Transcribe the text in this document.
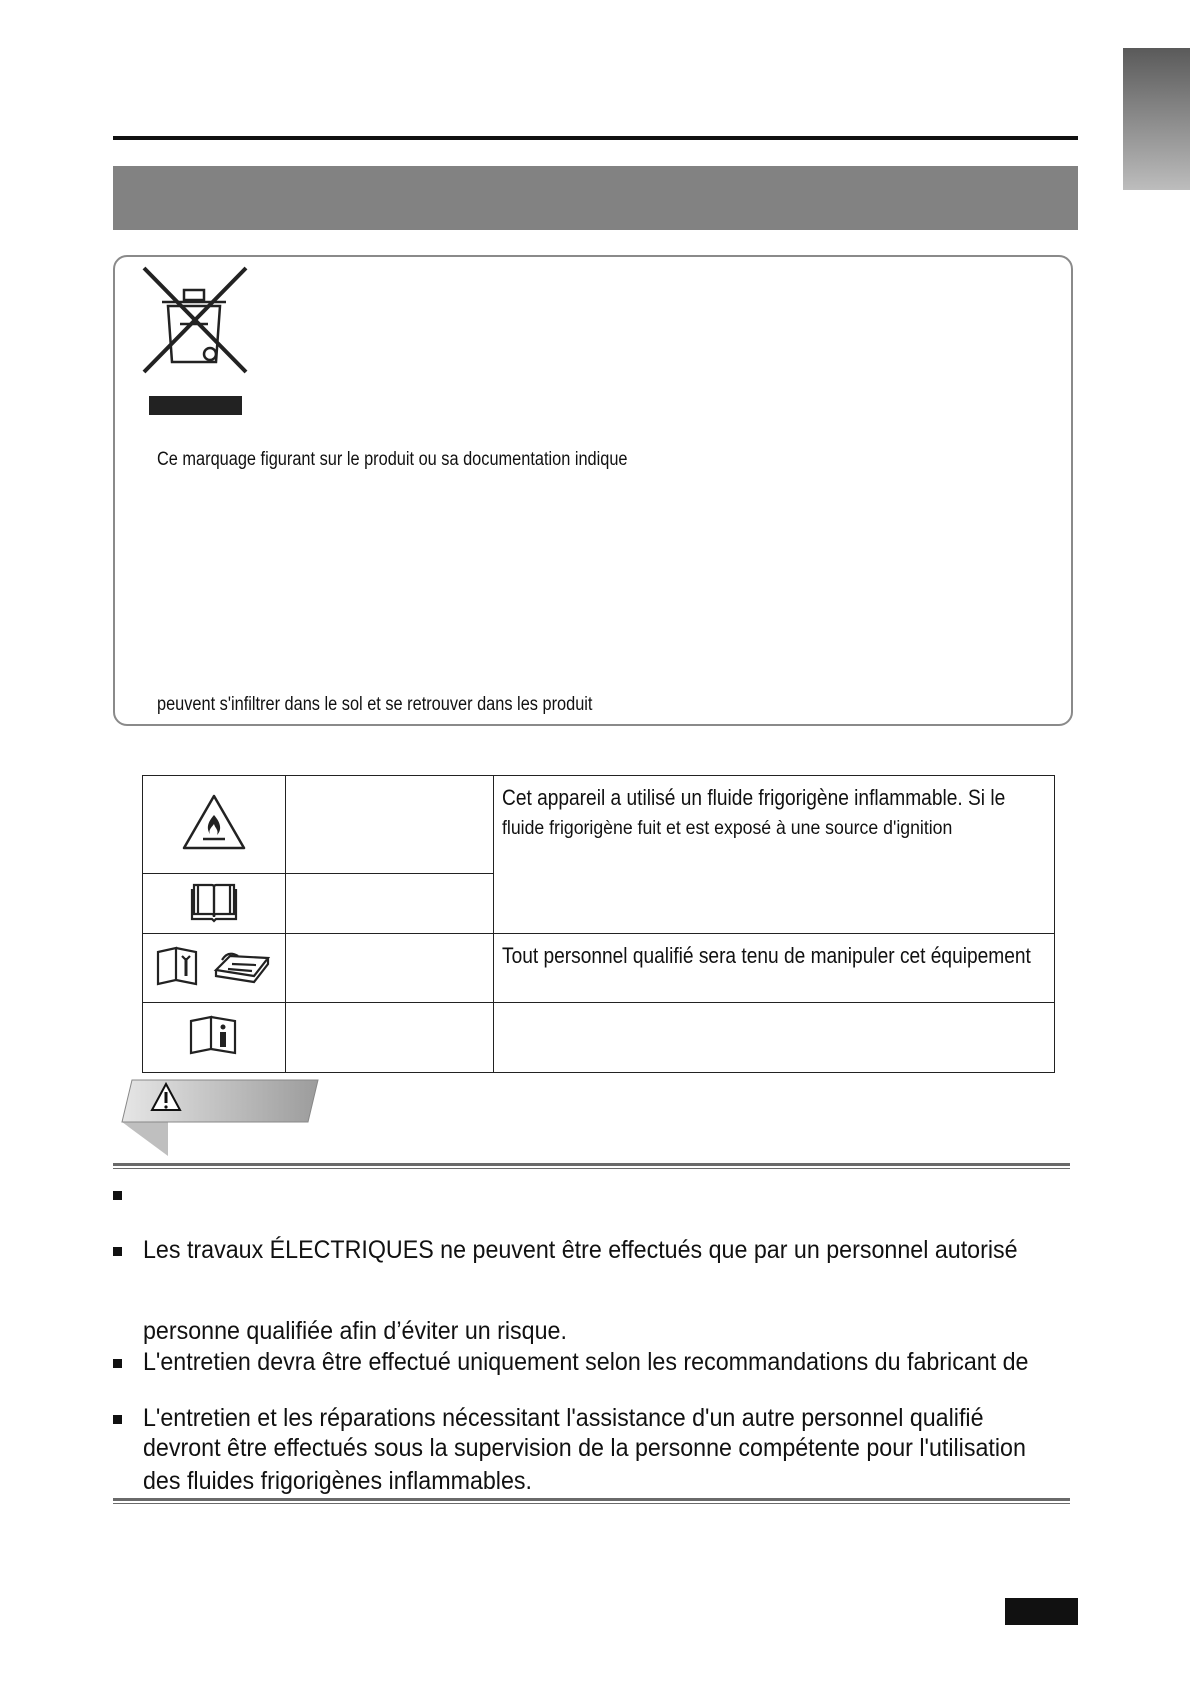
Ce marquage figurant sur le produit ou sa documentation indique
peuvent s'infiltrer dans le sol et se retrouver dans les produit

Cet appareil a utilisé un fluide frigorigène inflammable. Si le
fluide frigorigène fuit et est exposé à une source d'ignition

Tout personnel qualifié sera tenu de manipuler cet équipement

Les travaux ÉLECTRIQUES ne peuvent être effectués que par un personnel autorisé
personne qualifiée afin d’éviter un risque.
L'entretien devra être effectué uniquement selon les recommandations du fabricant de
L'entretien et les réparations nécessitant l'assistance d'un autre personnel qualifié
devront être effectués sous la supervision de la personne compétente pour l'utilisation
des fluides frigorigènes inflammables.
